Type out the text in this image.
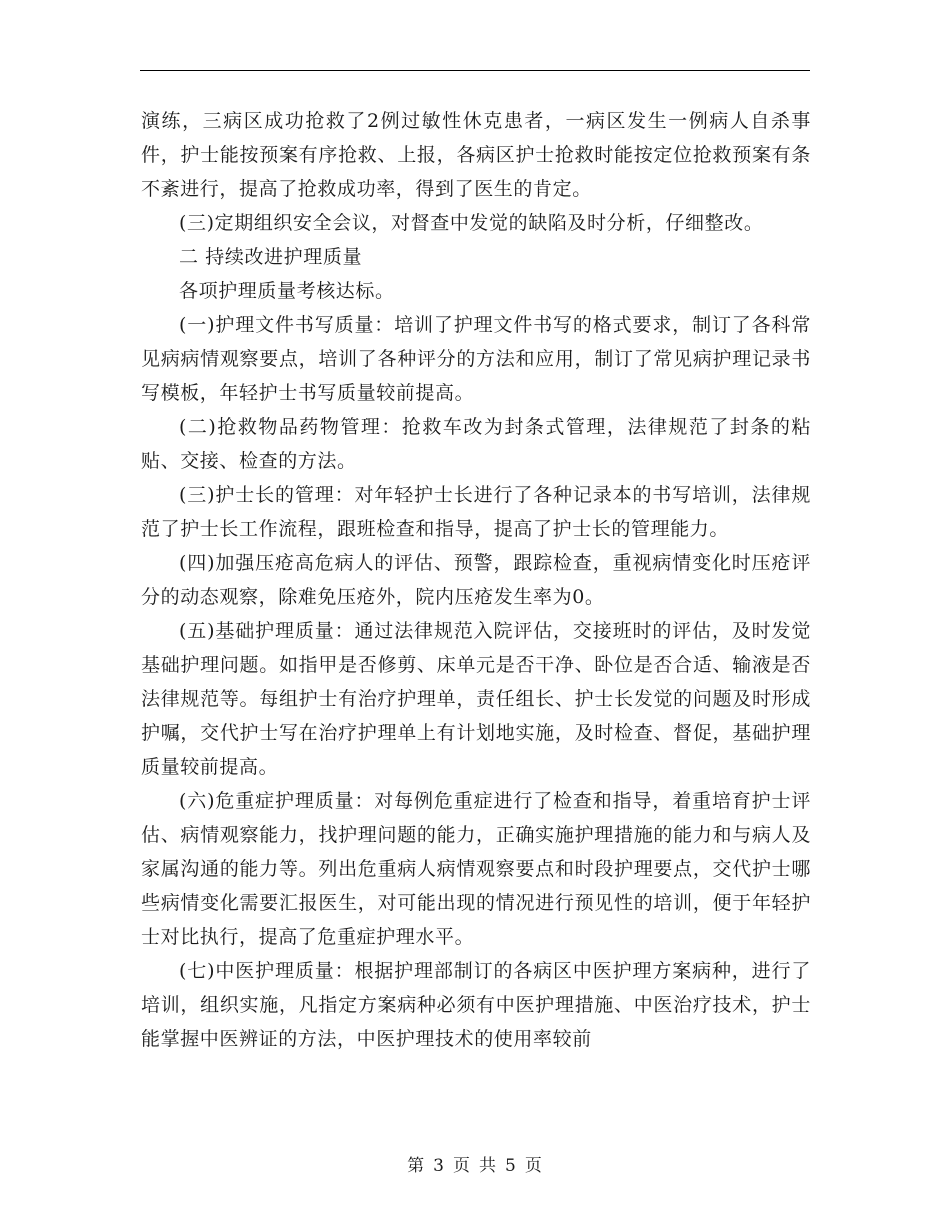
演练，三病区成功抢救了2例过敏性休克患者，一病区发生一例病人自杀事件，护士能按预案有序抢救、上报，各病区护士抢救时能按定位抢救预案有条不紊进行，提高了抢救成功率，得到了医生的肯定。

(三)定期组织安全会议，对督查中发觉的缺陷及时分析，仔细整改。

二 持续改进护理质量

各项护理质量考核达标。

(一)护理文件书写质量：培训了护理文件书写的格式要求，制订了各科常见病病情观察要点，培训了各种评分的方法和应用，制订了常见病护理记录书写模板，年轻护士书写质量较前提高。

(二)抢救物品药物管理：抢救车改为封条式管理，法律规范了封条的粘贴、交接、检查的方法。

(三)护士长的管理：对年轻护士长进行了各种记录本的书写培训，法律规范了护士长工作流程，跟班检查和指导，提高了护士长的管理能力。

(四)加强压疮高危病人的评估、预警，跟踪检查，重视病情变化时压疮评分的动态观察，除难免压疮外，院内压疮发生率为0。

(五)基础护理质量：通过法律规范入院评估，交接班时的评估，及时发觉基础护理问题。如指甲是否修剪、床单元是否干净、卧位是否合适、输液是否法律规范等。每组护士有治疗护理单，责任组长、护士长发觉的问题及时形成护嘱，交代护士写在治疗护理单上有计划地实施，及时检查、督促，基础护理质量较前提高。

(六)危重症护理质量：对每例危重症进行了检查和指导，着重培育护士评估、病情观察能力，找护理问题的能力，正确实施护理措施的能力和与病人及家属沟通的能力等。列出危重病人病情观察要点和时段护理要点，交代护士哪些病情变化需要汇报医生，对可能出现的情况进行预见性的培训，便于年轻护士对比执行，提高了危重症护理水平。

(七)中医护理质量：根据护理部制订的各病区中医护理方案病种，进行了培训，组织实施，凡指定方案病种必须有中医护理措施、中医治疗技术，护士能掌握中医辨证的方法，中医护理技术的使用率较前

第 3 页 共 5 页
